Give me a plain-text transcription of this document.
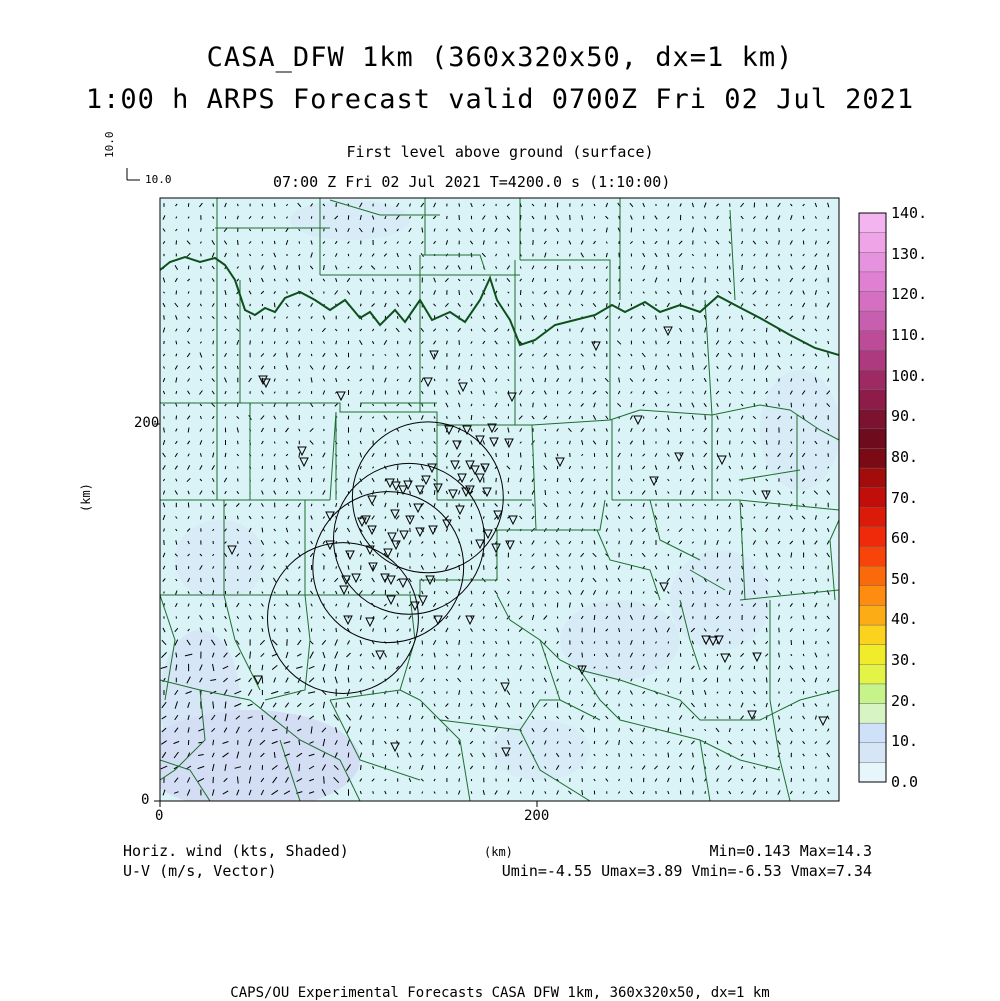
CASA_DFW 1km (360x320x50, dx=1 km)
1:00 h ARPS Forecast valid 0700Z Fri 02 Jul 2021
First level above ground (surface)
07:00 Z Fri 02 Jul 2021 T=4200.0 s (1:10:00)
10.0
10.0
200
0
0	200
(km)
(km)
0.0
10.
20.
30.
40.
50.
60.
70.
80.
90.
100.
110.
120.
130.
140.
Horiz. wind (kts, Shaded)
U-V (m/s, Vector)
Min=0.143 Max=14.3
Umin=-4.55 Umax=3.89 Vmin=-6.53 Vmax=7.34
CAPS/OU Experimental Forecasts CASA DFW 1km, 360x320x50, dx=1 km
